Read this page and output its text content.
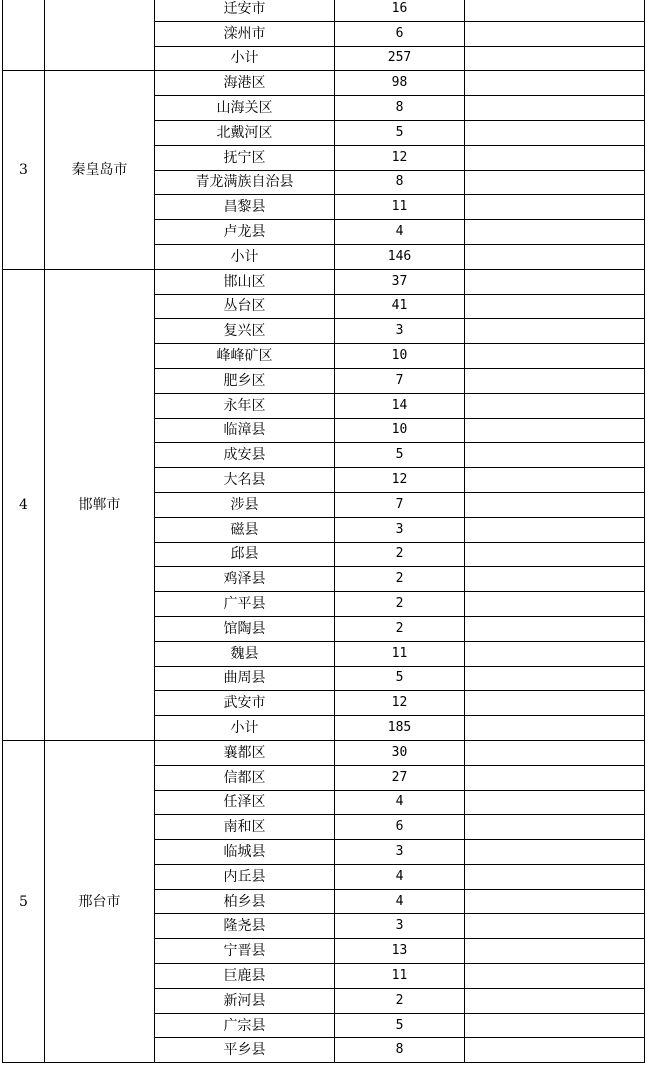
		迁安市	16	
		滦州市	6	
		小计	257	
3	秦皇岛市	海港区	98	
		山海关区	8	
		北戴河区	5	
		抚宁区	12	
		青龙满族自治县	8	
		昌黎县	11	
		卢龙县	4	
		小计	146	
4	邯郸市	邯山区	37	
		丛台区	41	
		复兴区	3	
		峰峰矿区	10	
		肥乡区	7	
		永年区	14	
		临漳县	10	
		成安县	5	
		大名县	12	
		涉县	7	
		磁县	3	
		邱县	2	
		鸡泽县	2	
		广平县	2	
		馆陶县	2	
		魏县	11	
		曲周县	5	
		武安市	12	
		小计	185	
5	邢台市	襄都区	30	
		信都区	27	
		任泽区	4	
		南和区	6	
		临城县	3	
		内丘县	4	
		柏乡县	4	
		隆尧县	3	
		宁晋县	13	
		巨鹿县	11	
		新河县	2	
		广宗县	5	
		平乡县	8	
